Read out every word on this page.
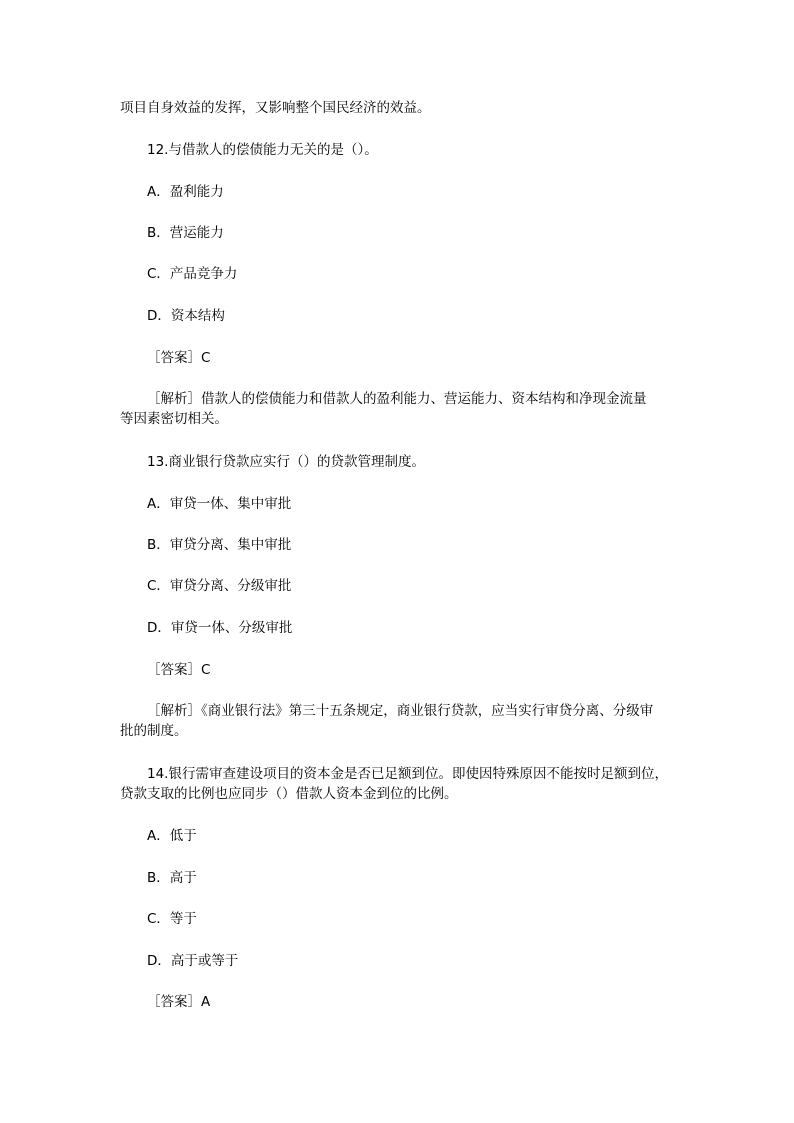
项目自身效益的发挥，又影响整个国民经济的效益。
12.与借款人的偿债能力无关的是（）。
A．盈利能力
B．营运能力
C．产品竞争力
D．资本结构
［答案］C
［解析］借款人的偿债能力和借款人的盈利能力、营运能力、资本结构和净现金流量
等因素密切相关。
13.商业银行贷款应实行（）的贷款管理制度。
A．审贷一体、集中审批
B．审贷分离、集中审批
C．审贷分离、分级审批
D．审贷一体、分级审批
［答案］C
［解析］《商业银行法》第三十五条规定，商业银行贷款，应当实行审贷分离、分级审
批的制度。
14.银行需审查建设项目的资本金是否已足额到位。即使因特殊原因不能按时足额到位，
贷款支取的比例也应同步（）借款人资本金到位的比例。
A．低于
B．高于
C．等于
D．高于或等于
［答案］A
